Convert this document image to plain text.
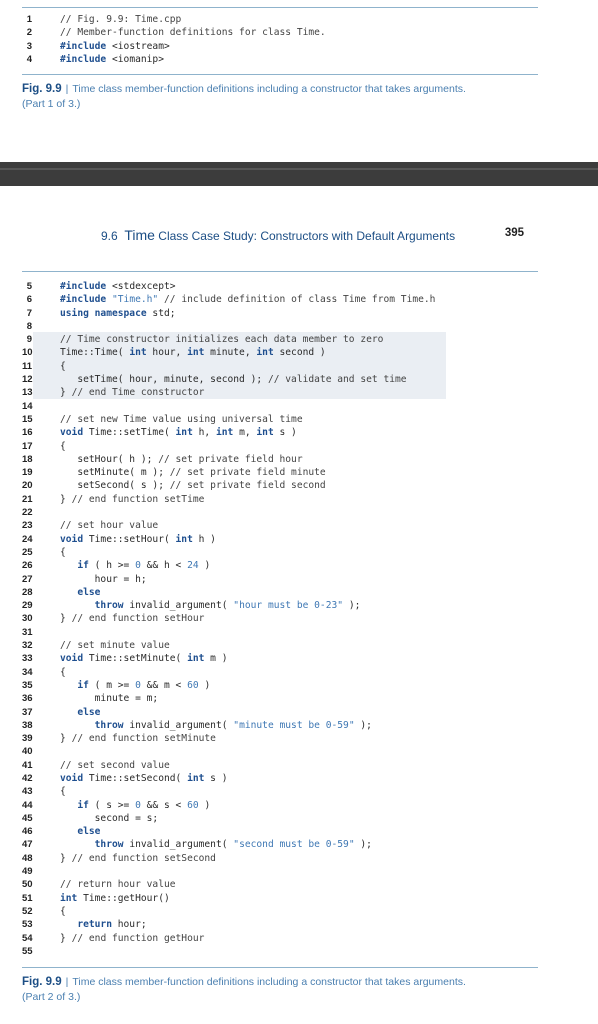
1	// Fig. 9.9: Time.cpp
2	// Member-function definitions for class Time.
3	#include <iostream>
4	#include <iomanip>
Fig. 9.9 | Time class member-function definitions including a constructor that takes arguments.
(Part 1 of 3.)
9.6 Time Class Case Study: Constructors with Default Arguments	395
5	#include <stdexcept>
6	#include "Time.h" // include definition of class Time from Time.h
7	using namespace std;
8
9	// Time constructor initializes each data member to zero
10	Time::Time( int hour, int minute, int second )
11	{
12	setTime( hour, minute, second ); // validate and set time
13	} // end Time constructor
14
15	// set new Time value using universal time
16	void Time::setTime( int h, int m, int s )
17	{
18	setHour( h ); // set private field hour
19	setMinute( m ); // set private field minute
20	setSecond( s ); // set private field second
21	} // end function setTime
22
23	// set hour value
24	void Time::setHour( int h )
25	{
26	if ( h >= 0 && h < 24 )
27	hour = h;
28	else
29	throw invalid_argument( "hour must be 0-23" );
30	} // end function setHour
31
32	// set minute value
33	void Time::setMinute( int m )
34	{
35	if ( m >= 0 && m < 60 )
36	minute = m;
37	else
38	throw invalid_argument( "minute must be 0-59" );
39	} // end function setMinute
40
41	// set second value
42	void Time::setSecond( int s )
43	{
44	if ( s >= 0 && s < 60 )
45	second = s;
46	else
47	throw invalid_argument( "second must be 0-59" );
48	} // end function setSecond
49
50	// return hour value
51	int Time::getHour()
52	{
53	return hour;
54	} // end function getHour
55
Fig. 9.9 | Time class member-function definitions including a constructor that takes arguments.
(Part 2 of 3.)
